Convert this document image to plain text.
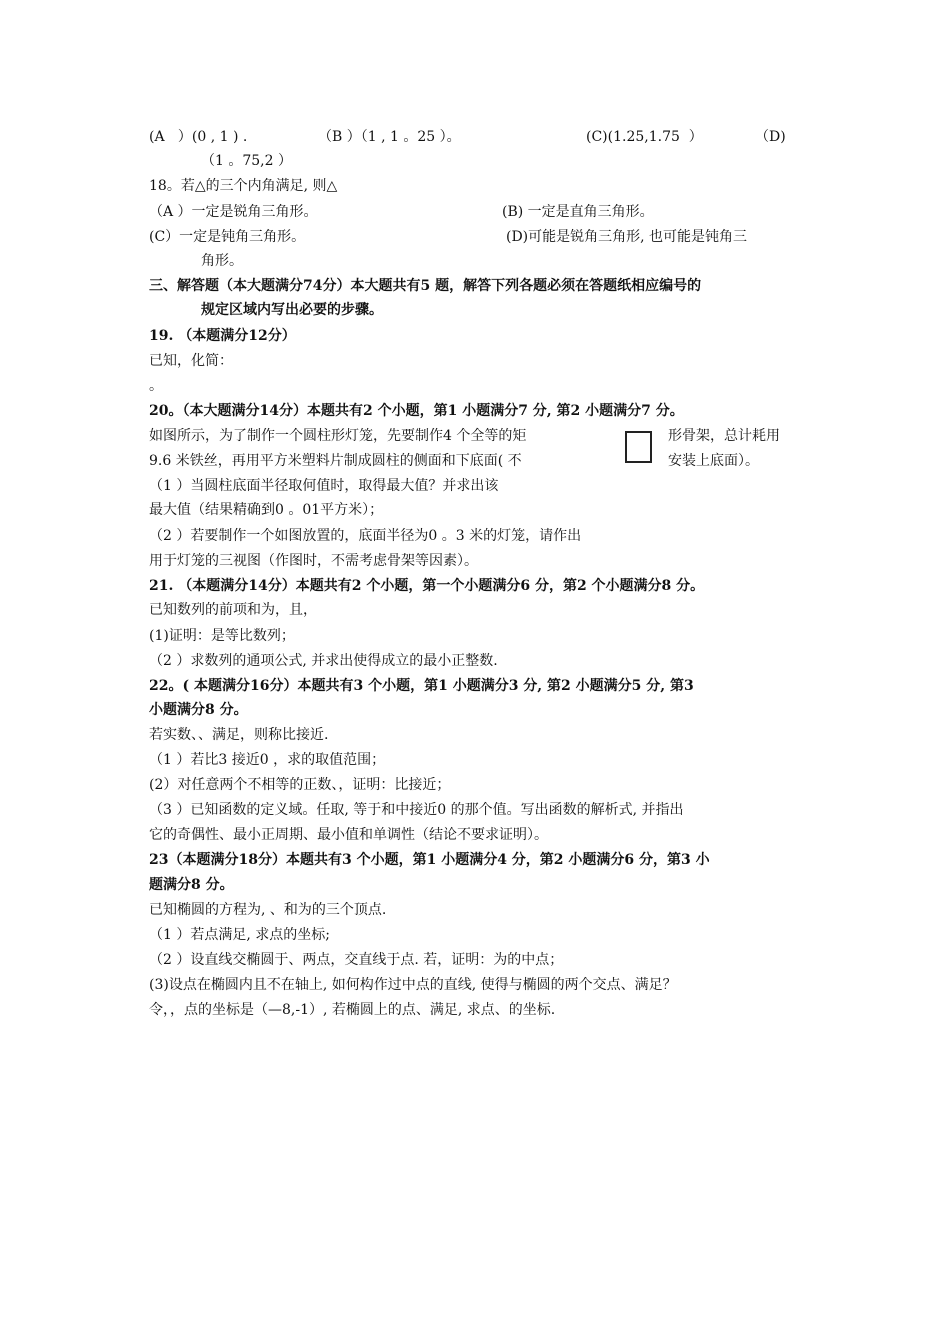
(A   ）(0 , 1 ) .	（B ）（1 , 1 。25 ）。	(C)(1.25,1.75  ）	（D)
（1 。75,2 ）
18。若△的三个内角满足, 则△
（A ）一定是锐角三角形。	(B) 一定是直角三角形。
(C）一定是钝角三角形。	(D)可能是锐角三角形, 也可能是钝角三
角形。
三、解答题（本大题满分74分）本大题共有5 题，解答下列各题必须在答题纸相应编号的
规定区域内写出必要的步骤。
19. （本题满分12分）
已知，化简：
。
20。（本大题满分14分）本题共有2 个小题，第1 小题满分7 分, 第2 小题满分7 分。
如图所示，为了制作一个圆柱形灯笼，先要制作4 个全等的矩	形骨架，总计耗用
9.6 米铁丝，再用平方米塑料片制成圆柱的侧面和下底面( 不	安装上底面）。
（1 ）当圆柱底面半径取何值时，取得最大值？并求出该
最大值（结果精确到0 。01平方米）；
（2 ）若要制作一个如图放置的，底面半径为0 。3 米的灯笼，请作出
用于灯笼的三视图（作图时，不需考虑骨架等因素）。
21. （本题满分14分）本题共有2 个小题，第一个小题满分6 分，第2 个小题满分8 分。
已知数列的前项和为，且，
(1)证明：是等比数列；
（2 ）求数列的通项公式, 并求出使得成立的最小正整数.
22。( 本题满分16分）本题共有3 个小题，第1 小题满分3 分, 第2 小题满分5 分, 第3
小题满分8 分。
若实数、、满足，则称比接近.
（1 ）若比3 接近0 ，求的取值范围；
(2）对任意两个不相等的正数、，证明：比接近；
（3 ）已知函数的定义域。任取, 等于和中接近0 的那个值。写出函数的解析式, 并指出
它的奇偶性、最小正周期、最小值和单调性（结论不要求证明）。
23（本题满分18分）本题共有3 个小题，第1 小题满分4 分，第2 小题满分6 分，第3 小
题满分8 分。
已知椭圆的方程为, 、和为的三个顶点.
（1 ）若点满足, 求点的坐标;
（2 ）设直线交椭圆于、两点，交直线于点. 若，证明：为的中点；
(3)设点在椭圆内且不在轴上, 如何构作过中点的直线, 使得与椭圆的两个交点、满足？
令，，点的坐标是（—8,-1）, 若椭圆上的点、满足, 求点、的坐标.
